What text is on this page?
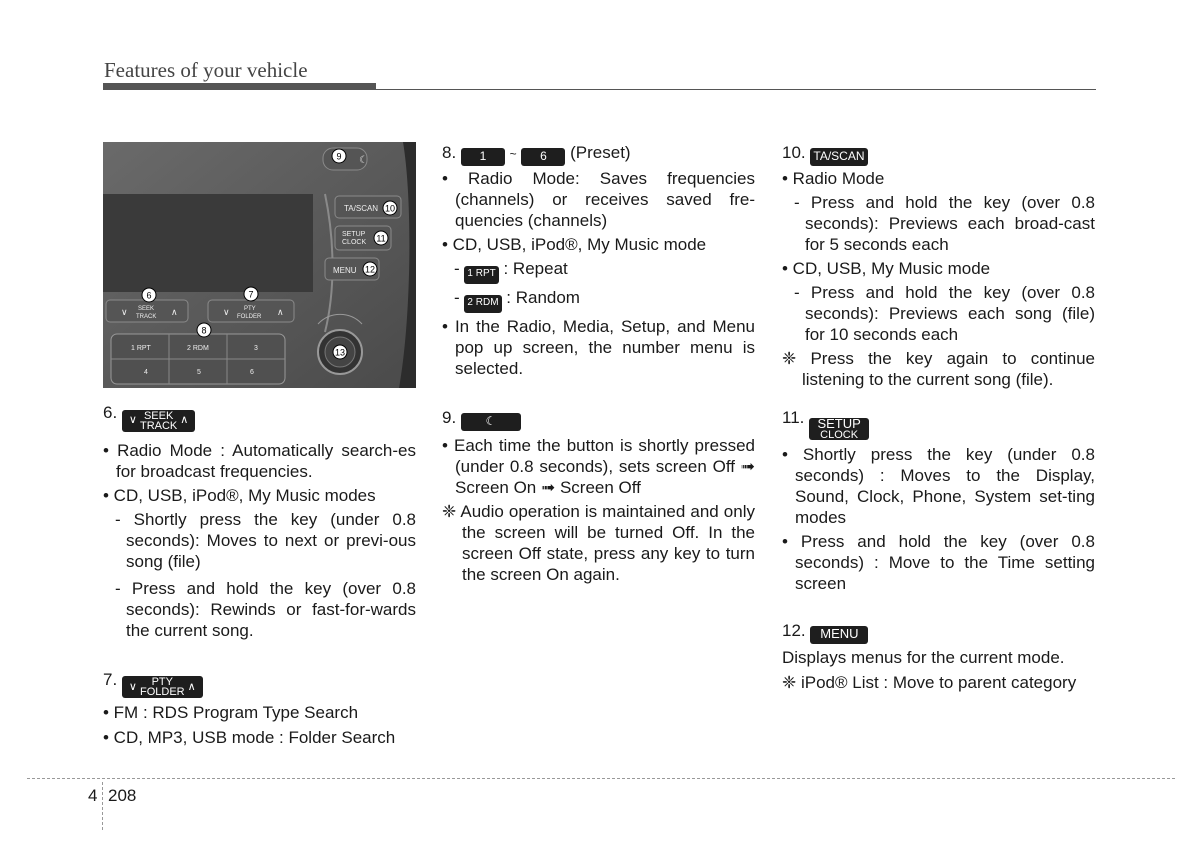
Features of your vehicle
☾
TA/SCAN
SETUP
CLOCK
MENU
∨	∧
SEEK
TRACK	∨	∧
PTY
FOLDER
1 RPT	2 RDM	3
4	5	6
9
10
11
12
6	7
8
13

6. ∨ SEEK
TRACK ∧

• Radio Mode : Automatically search-es for broadcast frequencies.

• CD, USB, iPod®, My Music modes

- Shortly press the key (under 0.8 seconds): Moves to next or previ-ous song (file)

- Press and hold the key (over 0.8 seconds): Rewinds or fast-for-wards the current song.

7. ∨	PTY
FOLDER ∧

• FM : RDS Program Type Search

• CD, MP3, USB mode : Folder Search

8. 1 ~ 6 (Preset)

• Radio Mode: Saves frequencies (channels) or receives saved fre-quencies (channels)

• CD, USB, iPod®, My Music mode

- 1 RPT : Repeat

- 2 RDM : Random

• In the Radio, Media, Setup, and Menu pop up screen, the number menu is selected.

9. ☾

• Each time the button is shortly pressed (under 0.8 seconds), sets screen Off ➟ Screen On ➟ Screen Off

❈ Audio operation is maintained and only the screen will be turned Off. In the screen Off state, press any key to turn the screen On again.

10. TA/SCAN

• Radio Mode

- Press and hold the key (over 0.8 seconds): Previews each broad-cast for 5 seconds each

• CD, USB, My Music mode

- Press and hold the key (over 0.8 seconds): Previews each song (file) for 10 seconds each

❈ Press the key again to continue listening to the current song (file).

11.	SETUP
CLOCK

• Shortly press the key (under 0.8 seconds) : Moves to the Display, Sound, Clock, Phone, System set-ting modes

• Press and hold the key (over 0.8 seconds) : Move to the Time setting screen

12. MENU

Displays menus for the current mode.

❈ iPod® List : Move to parent category

4 208
